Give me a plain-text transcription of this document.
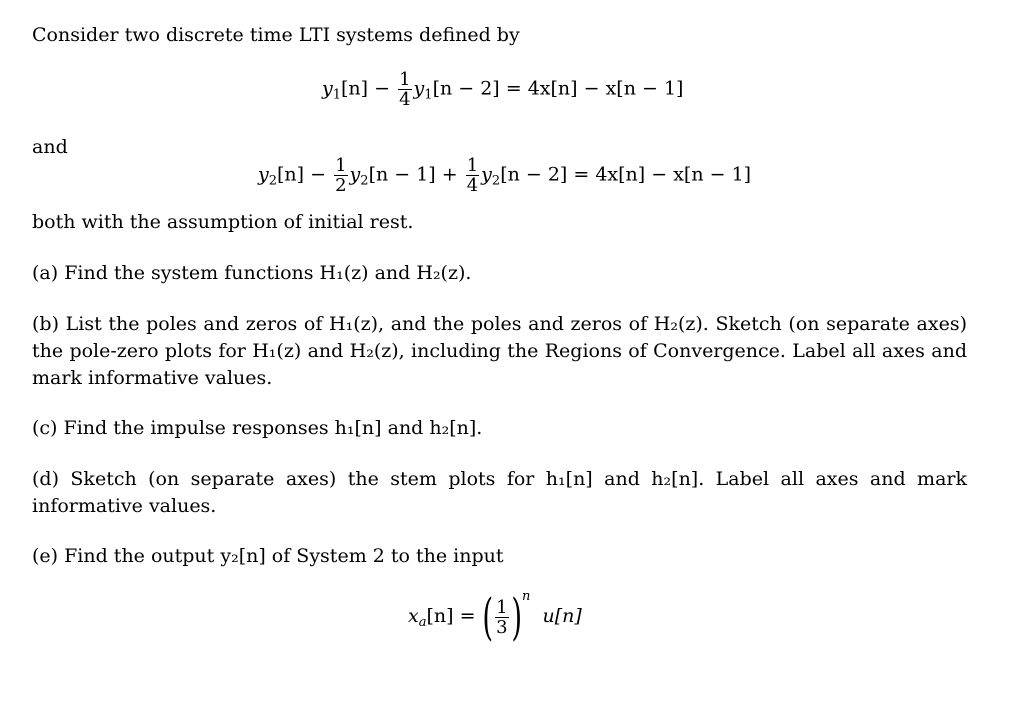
Consider two discrete time LTI systems defined by
$y_1[n] - \frac{1}{4} y_1[n - 2] = 4x[n] - x[n - 1]$
and
$y_2[n] - \frac{1}{2} y_2[n - 1] + \frac{1}{4} y_2[n - 2] = 4x[n] - x[n - 1]$
both with the assumption of initial rest.
(a) Find the system functions H₁(z) and H₂(z).
(b) List the poles and zeros of H₁(z), and the poles and zeros of H₂(z). Sketch (on separate axes) the pole-zero plots for H₁(z) and H₂(z), including the Regions of Convergence. Label all axes and mark informative values.
(c) Find the impulse responses h₁[n] and h₂[n].
(d) Sketch (on separate axes) the stem plots for h₁[n] and h₂[n]. Label all axes and mark informative values.
(e) Find the output y₂[n] of System 2 to the input
$x_a[n]$ = ( $\frac{1}{3} )^n$  u[n]
